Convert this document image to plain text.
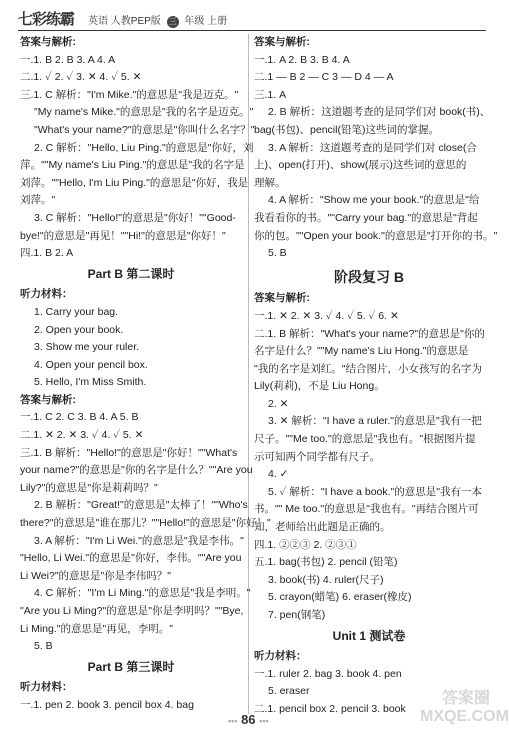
七彩练霸 英语 人教PEP版 三 年级 上册
答案与解析:
一.1. B 2. B 3. A 4. A
二.1. ✓ 2. ✓ 3. ✕ 4. ✓ 5. ✕
三.1. C 解析："I'm Mike."的意思是"我是迈克。"
"My name's Mike."的意思是"我的名字是迈克。"
"What's your name?"的意思是"你叫什么名字？"
2. C 解析："Hello, Liu Ping."的意思是"你好，刘
萍。""My name's Liu Ping."的意思是"我的名字是
刘萍。""Hello, I'm Liu Ping."的意思是"你好，我是
刘萍。"
3. C 解析："Hello!"的意思是"你好！""Good-
bye!"的意思是"再见！""Hi!"的意思是"你好！"
四.1. B 2. A
Part B 第二课时
听力材料：
1. Carry your bag.
2. Open your book.
3. Show me your ruler.
4. Open your pencil box.
5. Hello, I'm Miss Smith.
答案与解析:
一.1. C 2. C 3. B 4. A 5. B
二.1. ✕ 2. ✕ 3. ✓ 4. ✓ 5. ✕
三.1. B 解析："Hello!"的意思是"你好！""What's
your name?"的意思是"你的名字是什么？""Are you
Lily?"的意思是"你是莉莉吗？"
2. B 解析："Great!"的意思是"太棒了！""Who's
there?"的意思是"谁在那儿？""Hello!"的意思是"你好！"
3. A 解析："I'm Li Wei."的意思是"我是李伟。"
"Hello, Li Wei."的意思是"你好，李伟。""Are you
Li Wei?"的意思是"你是李伟吗？"
4. C 解析："I'm Li Ming."的意思是"我是李明。"
"Are you Li Ming?"的意思是"你是李明吗？""Bye,
Li Ming."的意思是"再见，李明。"
5. B
Part B 第三课时
听力材料：
一.1. pen 2. book 3. pencil box 4. bag
答案与解析:
一.1. A 2. B 3. B 4. A
二.1 — B 2 — C 3 — D 4 — A
三.1. A
2. B 解析：这道题考查的是同学们对 book(书)、
bag(书包)、pencil(铅笔)这些词的掌握。
3. A 解析：这道题考查的是同学们对 close(合
上)、open(打开)、show(展示)这些词的意思的
理解。
4. A 解析："Show me your book."的意思是"给
我看看你的书。""Carry your bag."的意思是"背起
你的包。""Open your book."的意思是"打开你的书。"
5. B
阶段复习 B
答案与解析:
一.1. ✕ 2. ✕ 3. ✓ 4. ✓ 5. ✓ 6. ✕
二.1. B 解析："What's your name?"的意思是"你的
名字是什么？""My name's Liu Hong."的意思是
"我的名字是刘红。"结合图片，小女孩写的名字为
Lily(莉莉)，不是 Liu Hong。
2. ✕
3. ✕ 解析："I have a ruler."的意思是"我有一把
尺子。""Me too."的意思是"我也有。"根据图片提
示可知两个同学都有尺子。
4. ✓
5. ✓ 解析："I have a book."的意思是"我有一本
书。"" Me too."的意思是"我也有。"再结合图片可
知，老师给出此题是正确的。
四.1. ②②③ 2. ②③①
五.1. bag(书包) 2. pencil (铅笔)
3. book(书) 4. ruler(尺子)
5. crayon(蜡笔) 6. eraser(橡皮)
7. pen(钢笔)
Unit 1 测试卷
听力材料：
一.1. ruler 2. bag 3. book 4. pen
5. eraser
二.1. pencil box 2. pencil 3. book
••• 86 •••
答案圈 MXQE.COM
